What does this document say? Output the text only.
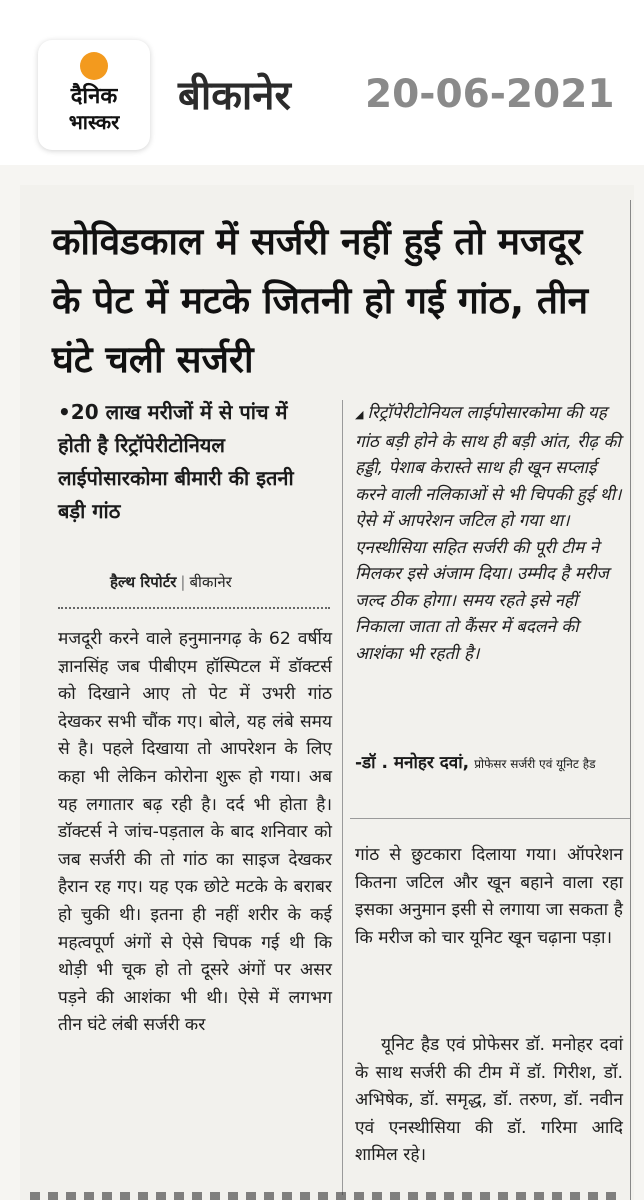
दैनिक
भास्कर
बीकानेर 20-06-2021
कोविडकाल में सर्जरी नहीं हुई तो मजदूर के पेट में मटके जितनी हो गई गांठ, तीन घंटे चली सर्जरी

•20 लाख मरीजों में से पांच में होती है रिट्रॉपेरीटोनियल लाईपोसारकोमा बीमारी की इतनी बड़ी गांठ

हैल्थ रिपोर्टर | बीकानेर

मजदूरी करने वाले हनुमानगढ़ के 62 वर्षीय ज्ञानसिंह जब पीबीएम हॉस्पिटल में डॉक्टर्स को दिखाने आए तो पेट में उभरी गांठ देखकर सभी चौंक गए। बोले, यह लंबे समय से है। पहले दिखाया तो आपरेशन के लिए कहा भी लेकिन कोरोना शुरू हो गया। अब यह लगातार बढ़ रही है। दर्द भी होता है। डॉक्टर्स ने जांच-पड़ताल के बाद शनिवार को जब सर्जरी की तो गांठ का साइज देखकर हैरान रह गए। यह एक छोटे मटके के बराबर हो चुकी थी। इतना ही नहीं शरीर के कई महत्वपूर्ण अंगों से ऐसे चिपक गई थी कि थोड़ी भी चूक हो तो दूसरे अंगों पर असर पड़ने की आशंका भी थी। ऐसे में लगभग तीन घंटे लंबी सर्जरी कर

◢ रिट्रॉपेरीटोनियल लाईपोसारकोमा की यह गांठ बड़ी होने के साथ ही बड़ी आंत, रीढ़ की हड्डी, पेशाब केरास्ते साथ ही खून सप्लाई करने वाली नलिकाओं से भी चिपकी हुई थी। ऐसे में आपरेशन जटिल हो गया था। एनस्थीसिया सहित सर्जरी की पूरी टीम ने मिलकर इसे अंजाम दिया। उम्मीद है मरीज जल्द ठीक होगा। समय रहते इसे नहीं निकाला जाता तो कैंसर में बदलने की आशंका भी रहती है।

-डॉ . मनोहर दवां, प्रोफेसर सर्जरी एवं यूनिट हैड

गांठ से छुटकारा दिलाया गया। ऑपरेशन कितना जटिल और खून बहाने वाला रहा इसका अनुमान इसी से लगाया जा सकता है कि मरीज को चार यूनिट खून चढ़ाना पड़ा।

यूनिट हैड एवं प्रोफेसर डॉ. मनोहर दवां के साथ सर्जरी की टीम में डॉ. गिरीश, डॉ. अभिषेक, डॉ. समृद्ध, डॉ. तरुण, डॉ. नवीन एवं एनस्थीसिया की डॉ. गरिमा आदि शामिल रहे।
